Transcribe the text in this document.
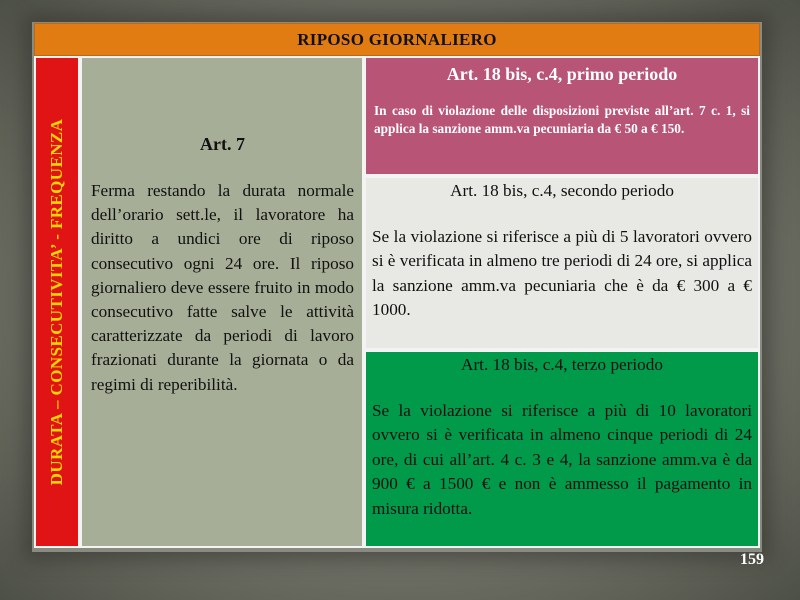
RIPOSO GIORNALIERO
DURATA – CONSECUTIVITA’ - FREQUENZA	Art. 7

Ferma restando la durata normale dell’orario sett.le, il lavoratore ha diritto a undici ore di riposo consecutivo ogni 24 ore. Il riposo giornaliero deve essere fruito in modo consecutivo fatte salve le attività caratterizzate da periodi di lavoro frazionati durante la giornata o da regimi di reperibilità.

Art. 18 bis, c.4, primo periodo

In caso di violazione delle disposizioni previste all’art. 7 c. 1, si applica la sanzione amm.va pecuniaria da € 50 a € 150.

Art. 18 bis, c.4, secondo periodo

Se la violazione si riferisce a più di 5 lavoratori ovvero si è verificata in almeno tre periodi di 24 ore, si applica la sanzione amm.va pecuniaria che è da € 300 a € 1000.

Art. 18 bis, c.4, terzo periodo

Se la violazione si riferisce a più di 10 lavoratori ovvero si è verificata in almeno cinque periodi di 24 ore, di cui all’art. 4 c. 3 e 4, la sanzione amm.va è da 900 € a 1500 € e non è ammesso il pagamento in misura ridotta.

159
